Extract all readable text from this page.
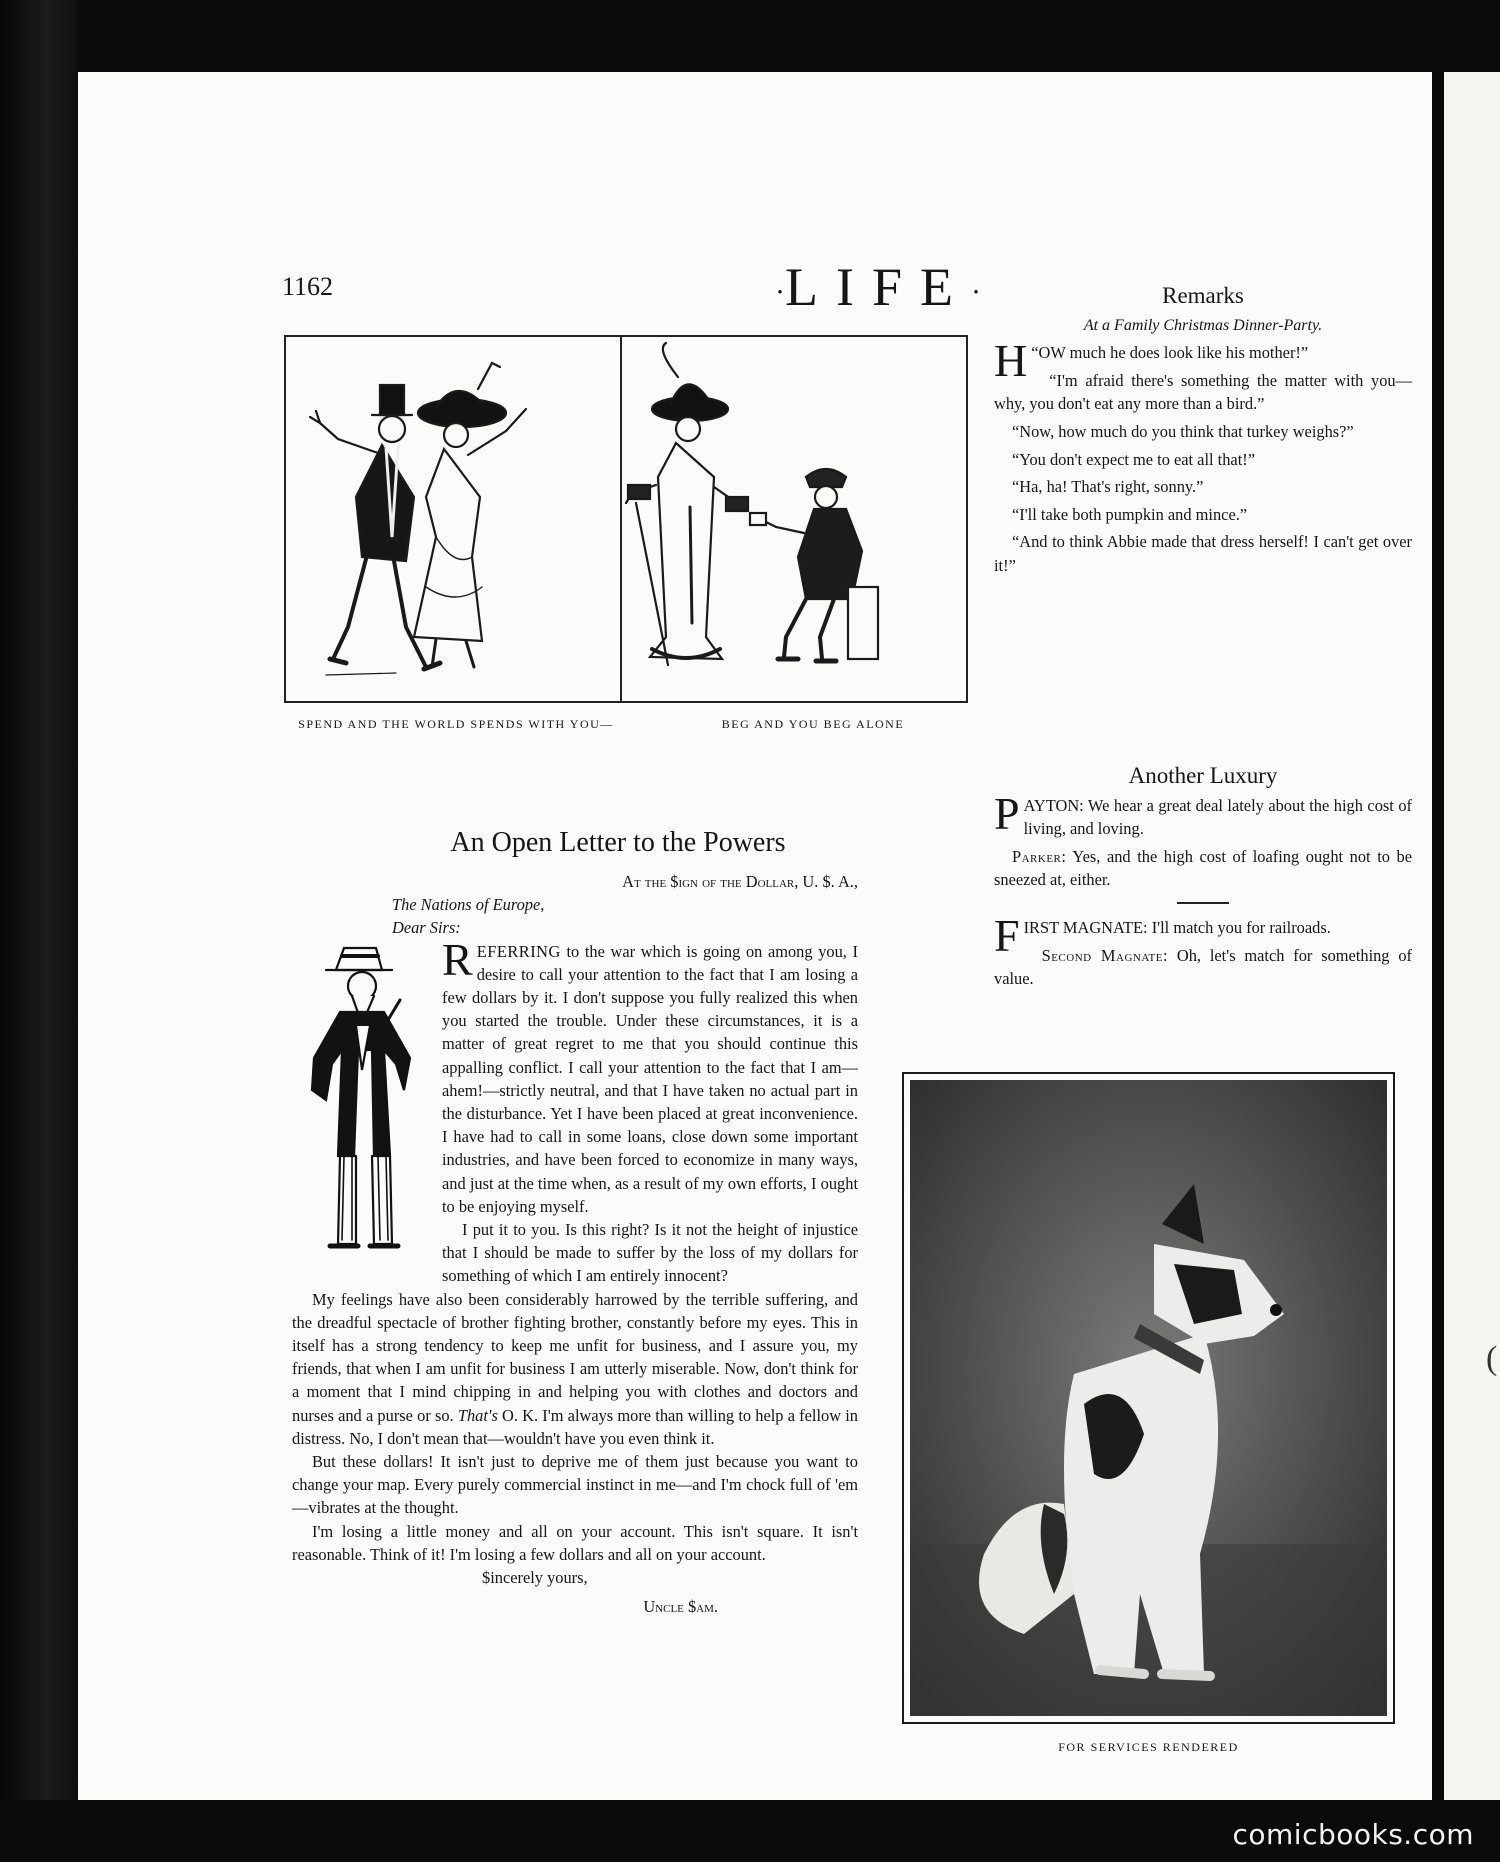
1162	·LIFE·
SPEND AND THE WORLD SPENDS WITH YOU—	BEG AND YOU BEG ALONE
Remarks
At a Family Christmas Dinner-Party.

“
H OW much he does look like his mother!”

“I'm afraid there's something the matter with you—why, you don't eat any more than a bird.”

“Now, how much do you think that turkey weighs?”

“You don't expect me to eat all that!”

“Ha, ha! That's right, sonny.”

“I'll take both pumpkin and mince.”

“And to think Abbie made that dress herself! I can't get over it!”

Another Luxury

PAYTON: We hear a great deal lately about the high cost of living, and loving.

Parker: Yes, and the high cost of loafing ought not to be sneezed at, either.

FIRST MAGNATE: I'll match you for railroads.

Second Magnate: Oh, let's match for something of value.

An Open Letter to the Powers

At the $ign of the Dollar, U. $. A.,

The Nations of Europe,

Dear Sirs:

REFERRING to the war which is going on among you, I desire to call your attention to the fact that I am losing a few dollars by it. I don't suppose you fully realized this when you started the trouble. Under these circumstances, it is a matter of great regret to me that you should continue this appalling conflict. I call your attention to the fact that I am—ahem!—strictly neutral, and that I have taken no actual part in the disturbance. Yet I have been placed at great inconvenience. I have had to call in some loans, close down some important industries, and have been forced to economize in many ways, and just at the time when, as a result of my own efforts, I ought to be enjoying myself.

I put it to you. Is this right? Is it not the height of injustice that I should be made to suffer by the loss of my dollars for something of which I am entirely innocent?

My feelings have also been considerably harrowed by the terrible suffering, and the dreadful spectacle of brother fighting brother, constantly before my eyes. This in itself has a strong tendency to keep me unfit for business, and I assure you, my friends, that when I am unfit for business I am utterly miserable. Now, don't think for a moment that I mind chipping in and helping you with clothes and doctors and nurses and a purse or so. That's O. K. I'm always more than willing to help a fellow in distress. No, I don't mean that—wouldn't have you even think it.

But these dollars! It isn't just to deprive me of them just because you want to change your map. Every purely commercial instinct in me—and I'm chock full of 'em—vibrates at the thought.

I'm losing a little money and all on your account. This isn't square. It isn't reasonable. Think of it! I'm losing a few dollars and all on your account.

$incerely yours,

Uncle $am.

FOR SERVICES RENDERED
(
comicbooks.com
